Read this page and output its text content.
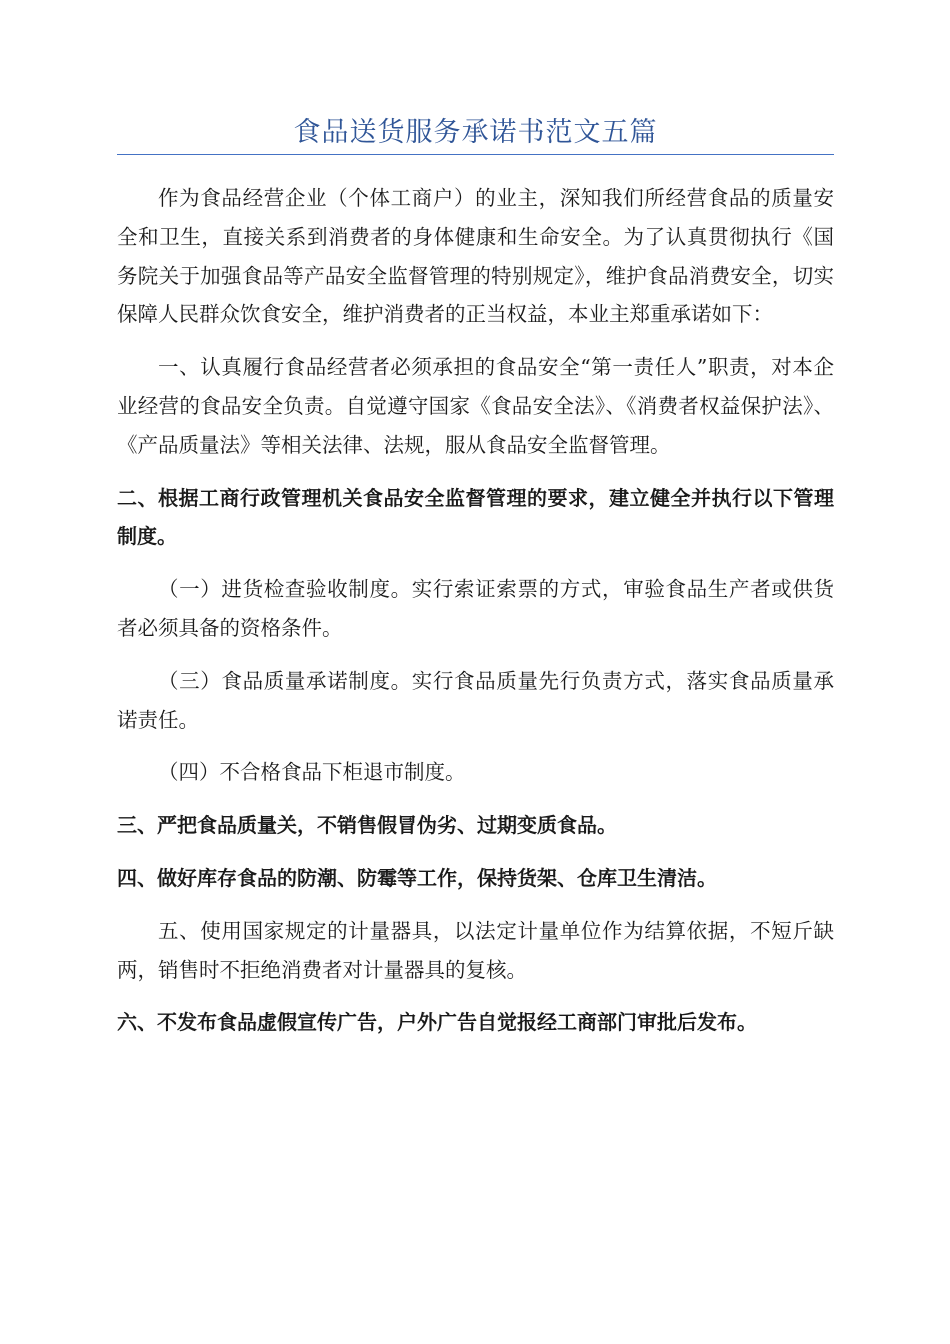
食品送货服务承诺书范文五篇

作为食品经营企业（个体工商户）的业主，深知我们所经营食品的质量安全和卫生，直接关系到消费者的身体健康和生命安全。为了认真贯彻执行《国务院关于加强食品等产品安全监督管理的特别规定》，维护食品消费安全，切实保障人民群众饮食安全，维护消费者的正当权益，本业主郑重承诺如下：

一、认真履行食品经营者必须承担的食品安全“第一责任人”职责，对本企业经营的食品安全负责。自觉遵守国家《食品安全法》、《消费者权益保护法》、《产品质量法》等相关法律、法规，服从食品安全监督管理。

二、根据工商行政管理机关食品安全监督管理的要求，建立健全并执行以下管理制度。

（一）进货检查验收制度。实行索证索票的方式，审验食品生产者或供货者必须具备的资格条件。

（三）食品质量承诺制度。实行食品质量先行负责方式，落实食品质量承诺责任。

（四）不合格食品下柜退市制度。

三、严把食品质量关，不销售假冒伪劣、过期变质食品。

四、做好库存食品的防潮、防霉等工作，保持货架、仓库卫生清洁。

五、使用国家规定的计量器具，以法定计量单位作为结算依据，不短斤缺两，销售时不拒绝消费者对计量器具的复核。

六、不发布食品虚假宣传广告，户外广告自觉报经工商部门审批后发布。
